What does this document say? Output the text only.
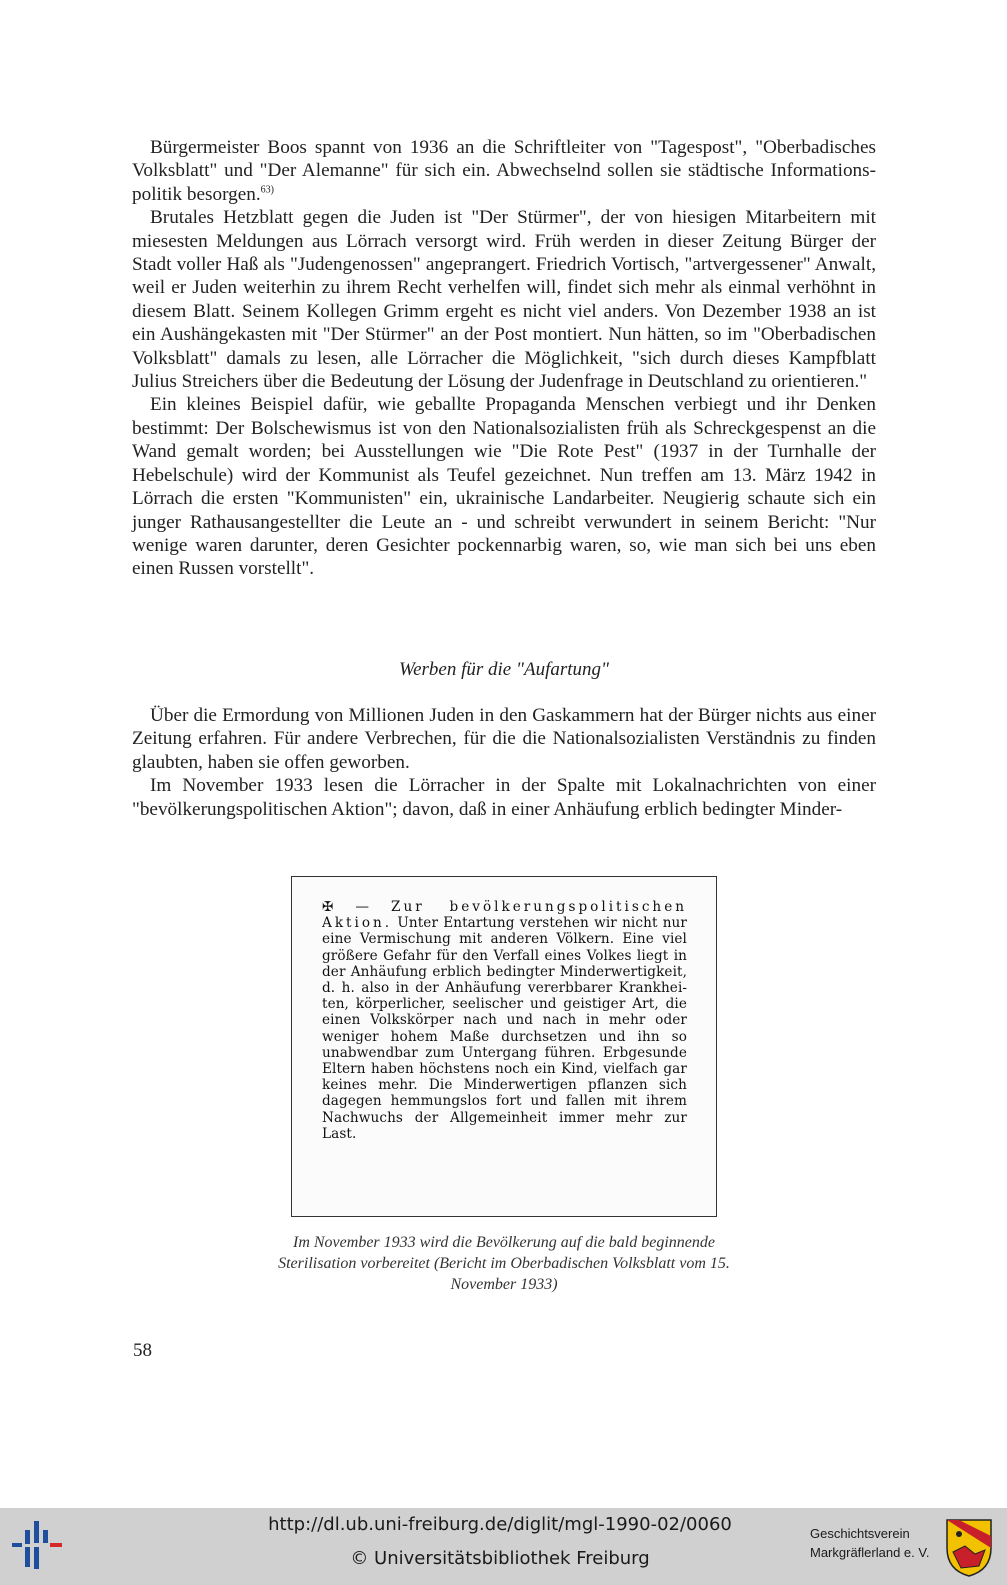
Bürgermeister Boos spannt von 1936 an die Schriftleiter von "Tagespost", "Oberbadisches Volksblatt" und "Der Alemanne" für sich ein. Abwechselnd sollen sie städtische Informationspolitik besorgen.$^{63)}$

Brutales Hetzblatt gegen die Juden ist "Der Stürmer", der von hiesigen Mitarbeitern mit miesesten Meldungen aus Lörrach versorgt wird. Früh werden in dieser Zeitung Bürger der Stadt voller Haß als "Judengenossen" angeprangert. Friedrich Vortisch, "artvergessener" Anwalt, weil er Juden weiterhin zu ihrem Recht verhelfen will, findet sich mehr als einmal verhöhnt in diesem Blatt. Seinem Kollegen Grimm ergeht es nicht viel anders. Von Dezember 1938 an ist ein Aushängekasten mit "Der Stürmer" an der Post montiert. Nun hätten, so im "Oberbadischen Volksblatt" damals zu lesen, alle Lörracher die Möglichkeit, "sich durch dieses Kampfblatt Julius Streichers über die Bedeutung der Lösung der Judenfrage in Deutschland zu orientieren."

Ein kleines Beispiel dafür, wie geballte Propaganda Menschen verbiegt und ihr Denken bestimmt: Der Bolschewismus ist von den Nationalsozialisten früh als Schreckgespenst an die Wand gemalt worden; bei Ausstellungen wie "Die Rote Pest" (1937 in der Turnhalle der Hebelschule) wird der Kommunist als Teufel gezeichnet. Nun treffen am 13. März 1942 in Lörrach die ersten "Kommunisten" ein, ukrainische Landarbeiter. Neugierig schaute sich ein junger Rathausangestellter die Leute an - und schreibt verwundert in seinem Bericht: "Nur wenige waren darunter, deren Gesichter pockennarbig waren, so, wie man sich bei uns eben einen Russen vorstellt".

Werben für die "Aufartung"

Über die Ermordung von Millionen Juden in den Gaskammern hat der Bürger nichts aus einer Zeitung erfahren. Für andere Verbrechen, für die die Nationalsozialisten Verständnis zu finden glaubten, haben sie offen geworben.

Im November 1933 lesen die Lörracher in der Spalte mit Lokalnachrichten von einer "bevölkerungspolitischen Aktion"; davon, daß in einer Anhäufung erblich bedingter Minder-

✠ — Zur bevölkerungspolitischen Aktion. Unter Entartung verstehen wir nicht nur eine Vermischung mit anderen Völkern. Eine viel größere Gefahr für den Verfall eines Volkes liegt in der Anhäufung erblich bedingter Minderwertigkeit, d. h. also in der Anhäufung vererbbarer Krankheiten, körperlicher, seelischer und geistiger Art, die einen Volkskörper nach und nach in mehr oder weniger hohem Maße durchsetzen und ihn so unabwendbar zum Untergang führen. Erbgesunde Eltern haben höchstens noch ein Kind, vielfach gar keines mehr. Die Minderwertigen pflanzen sich dagegen hemmungslos fort und fallen mit ihrem Nachwuchs der Allgemeinheit immer mehr zur Last.
Im November 1933 wird die Bevölkerung auf die bald beginnende Sterilisation vorbereitet (Bericht im Oberbadischen Volksblatt vom 15. November 1933)
58
http://dl.ub.uni-freiburg.de/diglit/mgl-1990-02/0060
© Universitätsbibliothek Freiburg
Geschichtsverein
Markgräflerland e. V.
